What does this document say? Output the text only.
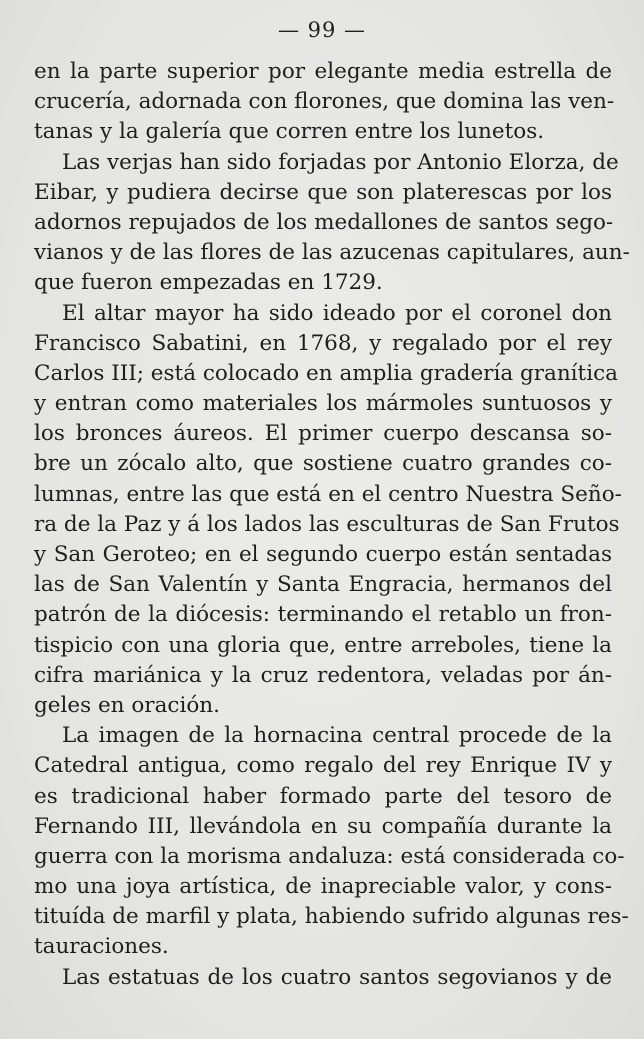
— 99 —
en la parte superior por elegante media estrella de
crucería, adornada con florones, que domina las ven-
tanas y la galería que corren entre los lunetos.
Las verjas han sido forjadas por Antonio Elorza, de
Eibar, y pudiera decirse que son platerescas por los
adornos repujados de los medallones de santos sego-
vianos y de las flores de las azucenas capitulares, aun-
que fueron empezadas en 1729.
El altar mayor ha sido ideado por el coronel don
Francisco Sabatini, en 1768, y regalado por el rey
Carlos III; está colocado en amplia gradería granítica
y entran como materiales los mármoles suntuosos y
los bronces áureos. El primer cuerpo descansa so-
bre un zócalo alto, que sostiene cuatro grandes co-
lumnas, entre las que está en el centro Nuestra Seño-
ra de la Paz y á los lados las esculturas de San Frutos
y San Geroteo; en el segundo cuerpo están sentadas
las de San Valentín y Santa Engracia, hermanos del
patrón de la diócesis: terminando el retablo un fron-
tispicio con una gloria que, entre arreboles, tiene la
cifra mariánica y la cruz redentora, veladas por án-
geles en oración.
La imagen de la hornacina central procede de la
Catedral antigua, como regalo del rey Enrique IV y
es tradicional haber formado parte del tesoro de
Fernando III, llevándola en su compañía durante la
guerra con la morisma andaluza: está considerada co-
mo una joya artística, de inapreciable valor, y cons-
tituída de marfil y plata, habiendo sufrido algunas res-
tauraciones.
Las estatuas de los cuatro santos segovianos y de
